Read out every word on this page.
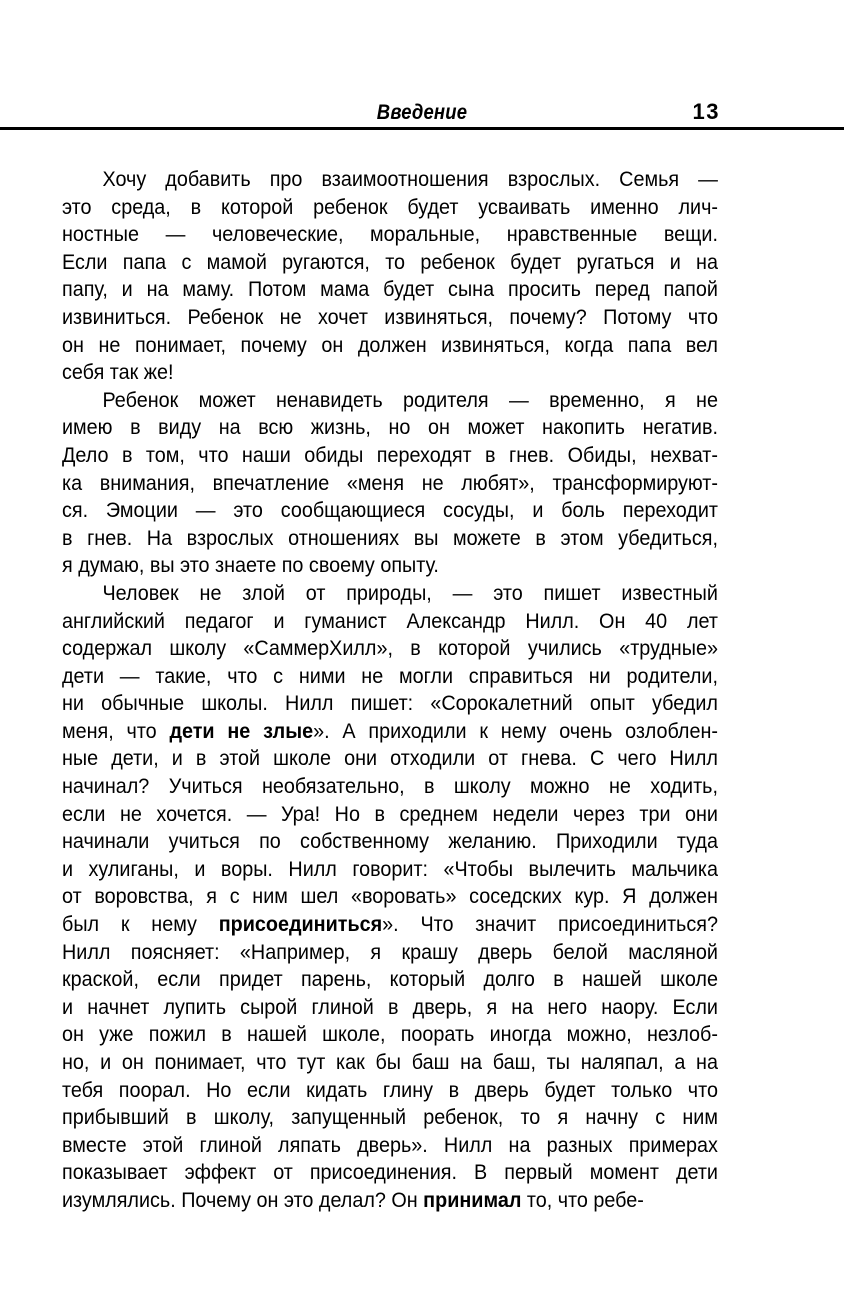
Введение	13
Хочу добавить про взаимоотношения взрослых. Семья —
это среда, в которой ребенок будет усваивать именно лич-
ностные — человеческие, моральные, нравственные вещи.
Если папа с мамой ругаются, то ребенок будет ругаться и на
папу, и на маму. Потом мама будет сына просить перед папой
извиниться. Ребенок не хочет извиняться, почему? Потому что
он не понимает, почему он должен извиняться, когда папа вел
себя так же!
Ребенок может ненавидеть родителя — временно, я не
имею в виду на всю жизнь, но он может накопить негатив.
Дело в том, что наши обиды переходят в гнев. Обиды, нехват-
ка внимания, впечатление «меня не любят», трансформируют-
ся. Эмоции — это сообщающиеся сосуды, и боль переходит
в гнев. На взрослых отношениях вы можете в этом убедиться,
я думаю, вы это знаете по своему опыту.
Человек не злой от природы, — это пишет известный
английский педагог и гуманист Александр Нилл. Он 40 лет
содержал школу «СаммерХилл», в которой учились «трудные»
дети — такие, что с ними не могли справиться ни родители,
ни обычные школы. Нилл пишет: «Сорокалетний опыт убедил
меня, что дети не злые». А приходили к нему очень озлоблен-
ные дети, и в этой школе они отходили от гнева. С чего Нилл
начинал? Учиться необязательно, в школу можно не ходить,
если не хочется. — Ура! Но в среднем недели через три они
начинали учиться по собственному желанию. Приходили туда
и хулиганы, и воры. Нилл говорит: «Чтобы вылечить мальчика
от воровства, я с ним шел «воровать» соседских кур. Я должен
был к нему присоединиться». Что значит присоединиться?
Нилл поясняет: «Например, я крашу дверь белой масляной
краской, если придет парень, который долго в нашей школе
и начнет лупить сырой глиной в дверь, я на него наору. Если
он уже пожил в нашей школе, поорать иногда можно, незлоб-
но, и он понимает, что тут как бы баш на баш, ты наляпал, а на
тебя поорал. Но если кидать глину в дверь будет только что
прибывший в школу, запущенный ребенок, то я начну с ним
вместе этой глиной ляпать дверь». Нилл на разных примерах
показывает эффект от присоединения. В первый момент дети
изумлялись. Почему он это делал? Он принимал то, что ребе-
